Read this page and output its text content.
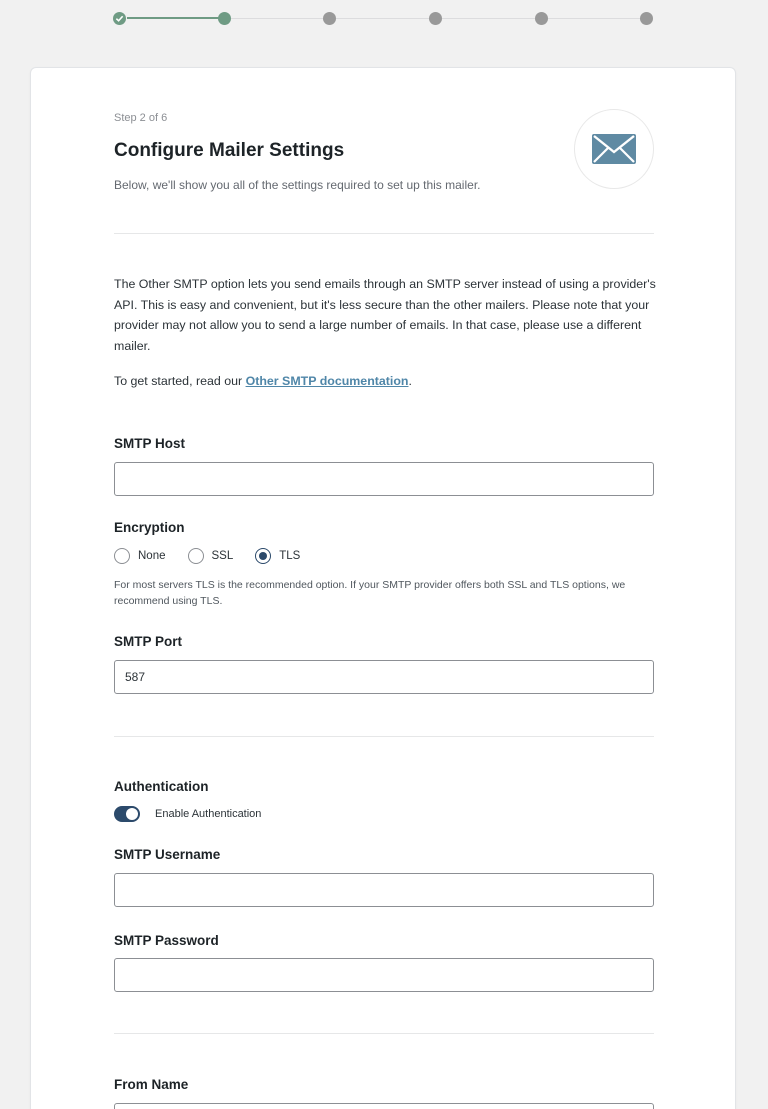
Step 2 of 6
Configure Mailer Settings
Below, we'll show you all of the settings required to set up this mailer.

The Other SMTP option lets you send emails through an SMTP server instead of using a provider's API. This is easy and convenient, but it's less secure than the other mailers. Please note that your provider may not allow you to send a large number of emails. In that case, please use a different mailer.

To get started, read our Other SMTP documentation.
SMTP Host
Encryption
None	SSL	TLS

For most servers TLS is the recommended option. If your SMTP provider offers both SSL and TLS options, we recommend using TLS.

SMTP Port
587
Authentication
Enable Authentication
SMTP Username
SMTP Password
From Name
